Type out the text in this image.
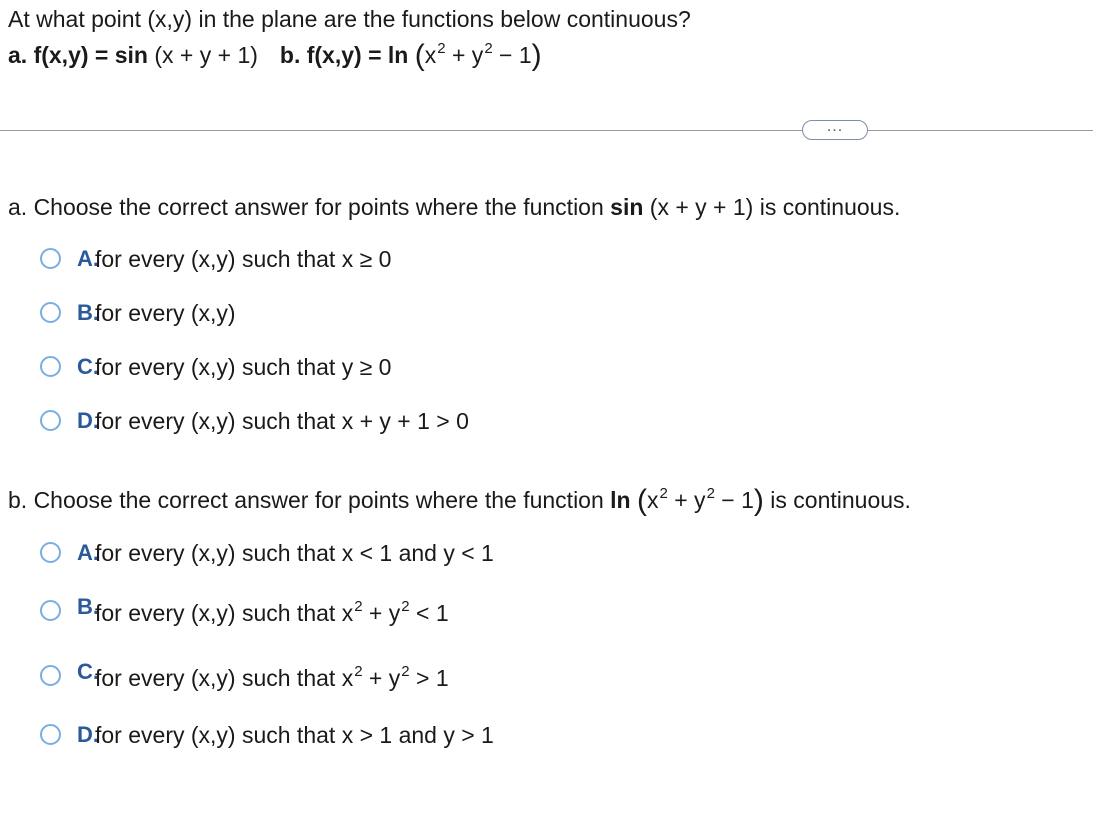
At what point (x,y) in the plane are the functions below continuous?
a. f(x,y) = sin (x + y + 1) b. $f(x,y) = \ln (x^2 + y^2 - 1)$
...
a. Choose the correct answer for points where the function sin (x + y + 1) is continuous.
A.
for every (x,y) such that x ≥ 0
B.
for every (x,y)
C.
for every (x,y) such that y ≥ 0
D.
for every (x,y) such that x + y + 1 > 0
b. Choose the correct answer for points where the function $\ln (x^2 + y^2 - 1)$ is continuous.
A.
for every (x,y) such that x < 1 and y < 1
B.
for every (x,y) such that $x^2 + y^2 < 1$
C.
for every (x,y) such that $x^2 + y^2 > 1$
D.
for every (x,y) such that x > 1 and y > 1
